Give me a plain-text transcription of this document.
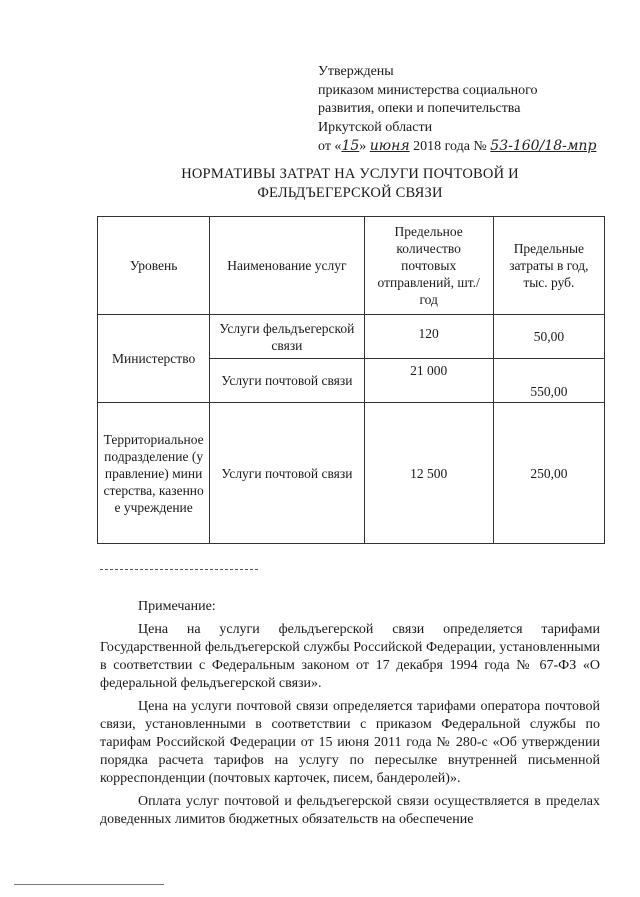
Утверждены
приказом министерства социального
развития, опеки и попечительства
Иркутской области
от «15» июня 2018 года № 53-160/18-мпр
НОРМАТИВЫ ЗАТРАТ НА УСЛУГИ ПОЧТОВОЙ И
ФЕЛЬДЪЕГЕРСКОЙ СВЯЗИ
Уровень	Наименование услуг	Предельное количество почтовых отправлений, шт./год	Предельные затраты в год, тыс. руб.
Министерство	Услуги фельдъегерской связи	120	50,00
	Услуги почтовой связи	21 000	550,00
Территориальное подразделение (управление) министерства, казенное учреждение	Услуги почтовой связи	12 500	250,00

Примечание:

Цена на услуги фельдъегерской связи определяется тарифами Государственной фельдъегерской службы Российской Федерации, установленными в соответствии с Федеральным законом от 17 декабря 1994 года № 67-ФЗ «О федеральной фельдъегерской связи».

Цена на услуги почтовой связи определяется тарифами оператора почтовой связи, установленными в соответствии с приказом Федеральной службы по тарифам Российской Федерации от 15 июня 2011 года № 280-с «Об утверждении порядка расчета тарифов на услугу по пересылке внутренней письменной корреспонденции (почтовых карточек, писем, бандеролей)».

Оплата услуг почтовой и фельдъегерской связи осуществляется в пределах доведенных лимитов бюджетных обязательств на обеспечение
